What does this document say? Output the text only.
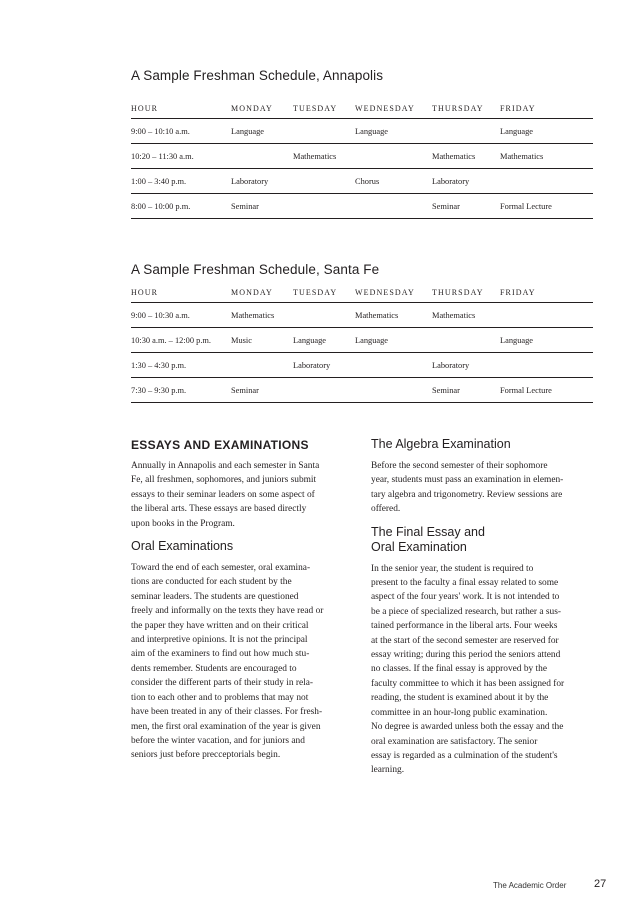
A Sample Freshman Schedule, Annapolis
HOUR	MONDAY	TUESDAY	WEDNESDAY	THURSDAY	FRIDAY
9:00 – 10:10 a.m.	Language		Language		Language
10:20 – 11:30 a.m.		Mathematics		Mathematics	Mathematics
1:00 – 3:40 p.m.	Laboratory		Chorus	Laboratory	
8:00 – 10:00 p.m.	Seminar			Seminar	Formal Lecture
A Sample Freshman Schedule, Santa Fe
HOUR	MONDAY	TUESDAY	WEDNESDAY	THURSDAY	FRIDAY
9:00 – 10:30 a.m.	Mathematics		Mathematics	Mathematics	
10:30 a.m. – 12:00 p.m.	Music	Language	Language		Language
1:30 – 4:30 p.m.		Laboratory		Laboratory	
7:30 – 9:30 p.m.	Seminar			Seminar	Formal Lecture
ESSAYS AND EXAMINATIONS

Annually in Annapolis and each semester in Santa
Fe, all freshmen, sophomores, and juniors submit
essays to their seminar leaders on some aspect of
the liberal arts. These essays are based directly
upon books in the Program.

Oral Examinations

Toward the end of each semester, oral examina-
tions are conducted for each student by the
seminar leaders. The students are questioned
freely and informally on the texts they have read or
the paper they have written and on their critical
and interpretive opinions. It is not the principal
aim of the examiners to find out how much stu-
dents remember. Students are encouraged to
consider the different parts of their study in rela-
tion to each other and to problems that may not
have been treated in any of their classes. For fresh-
men, the first oral examination of the year is given
before the winter vacation, and for juniors and
seniors just before precceptorials begin.

The Algebra Examination

Before the second semester of their sophomore
year, students must pass an examination in elemen-
tary algebra and trigonometry. Review sessions are
offered.

The Final Essay and
Oral Examination

In the senior year, the student is required to
present to the faculty a final essay related to some
aspect of the four years' work. It is not intended to
be a piece of specialized research, but rather a sus-
tained performance in the liberal arts. Four weeks
at the start of the second semester are reserved for
essay writing; during this period the seniors attend
no classes. If the final essay is approved by the
faculty committee to which it has been assigned for
reading, the student is examined about it by the
committee in an hour-long public examination.
No degree is awarded unless both the essay and the
oral examination are satisfactory. The senior
essay is regarded as a culmination of the student's
learning.

The Academic Order	27
